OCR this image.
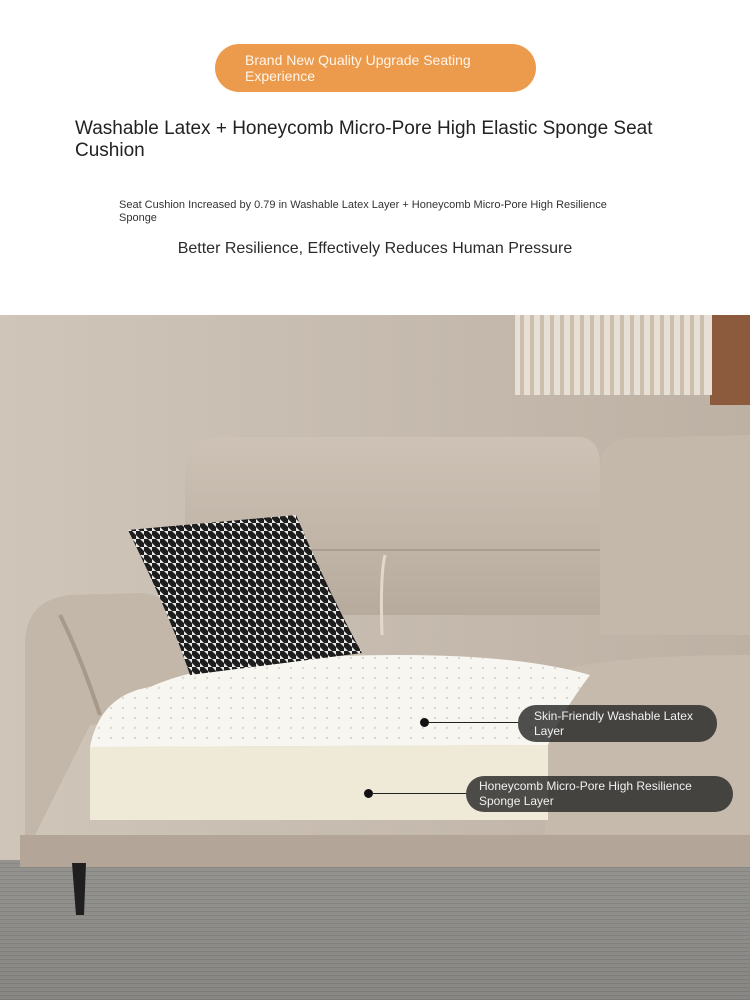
Brand New Quality Upgrade Seating Experience
Washable Latex + Honeycomb Micro-Pore High Elastic Sponge Seat Cushion
Seat Cushion Increased by 0.79 in Washable Latex Layer + Honeycomb Micro-Pore High Resilience Sponge
Better Resilience, Effectively Reduces Human Pressure
Skin-Friendly Washable Latex Layer
Honeycomb Micro-Pore High Resilience Sponge Layer
